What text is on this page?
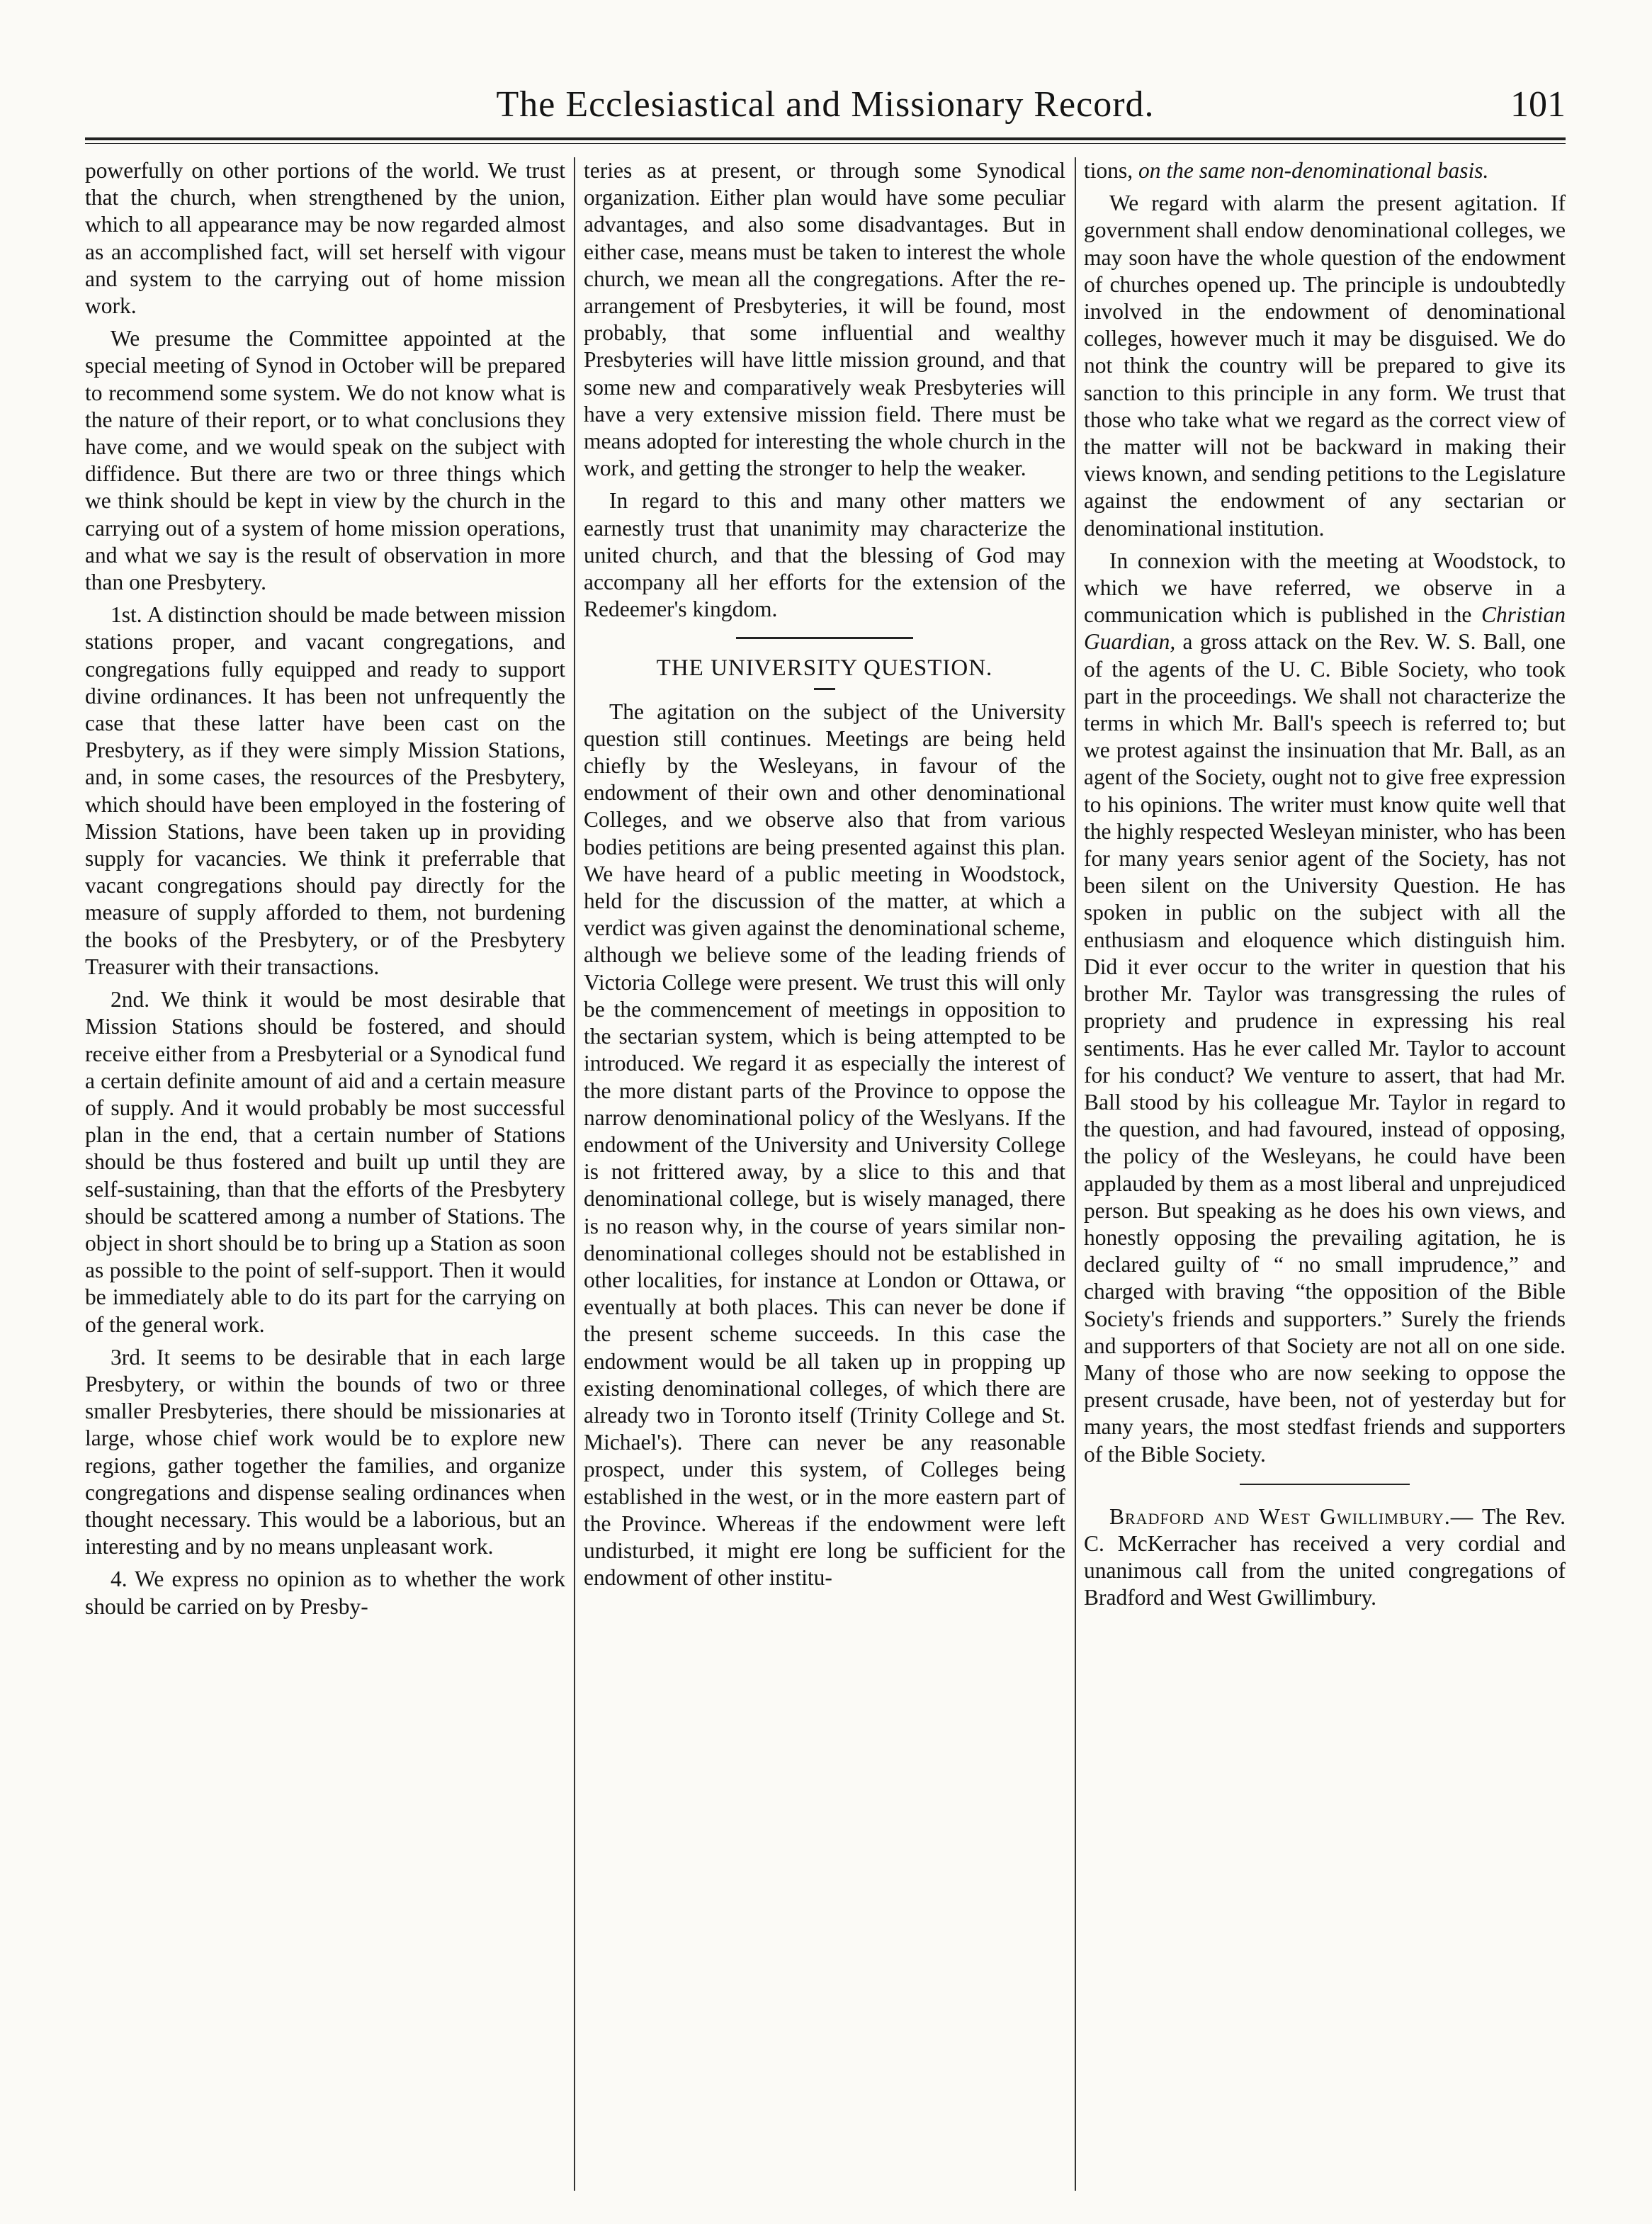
The Ecclesiastical and Missionary Record.	101

powerfully on other portions of the world. We trust that the church, when strengthened by the union, which to all appearance may be now regarded almost as an accomplished fact, will set herself with vigour and system to the carrying out of home mission work.

We presume the Committee appointed at the special meeting of Synod in October will be prepared to recommend some system. We do not know what is the nature of their report, or to what conclusions they have come, and we would speak on the subject with diffidence. But there are two or three things which we think should be kept in view by the church in the carrying out of a system of home mission operations, and what we say is the result of observation in more than one Presbytery.

1st. A distinction should be made between mission stations proper, and vacant congregations, and congregations fully equipped and ready to support divine ordinances. It has been not unfrequently the case that these latter have been cast on the Presbytery, as if they were simply Mission Stations, and, in some cases, the resources of the Presbytery, which should have been employed in the fostering of Mission Stations, have been taken up in providing supply for vacancies. We think it preferrable that vacant congregations should pay directly for the measure of supply afforded to them, not burdening the books of the Presbytery, or of the Presbytery Treasurer with their transactions.

2nd. We think it would be most desirable that Mission Stations should be fostered, and should receive either from a Presbyterial or a Synodical fund a certain definite amount of aid and a certain measure of supply. And it would probably be most successful plan in the end, that a certain number of Stations should be thus fostered and built up until they are self-sustaining, than that the efforts of the Presbytery should be scattered among a number of Stations. The object in short should be to bring up a Station as soon as possible to the point of self-support. Then it would be immediately able to do its part for the carrying on of the general work.

3rd. It seems to be desirable that in each large Presbytery, or within the bounds of two or three smaller Presbyteries, there should be missionaries at large, whose chief work would be to explore new regions, gather together the families, and organize congregations and dispense sealing ordinances when thought necessary. This would be a laborious, but an interesting and by no means unpleasant work.

4. We express no opinion as to whether the work should be carried on by Presby-

teries as at present, or through some Synodical organization. Either plan would have some peculiar advantages, and also some disadvantages. But in either case, means must be taken to interest the whole church, we mean all the congregations. After the re-arrangement of Presbyteries, it will be found, most probably, that some influential and wealthy Presbyteries will have little mission ground, and that some new and comparatively weak Presbyteries will have a very extensive mission field. There must be means adopted for interesting the whole church in the work, and getting the stronger to help the weaker.

In regard to this and many other matters we earnestly trust that unanimity may characterize the united church, and that the blessing of God may accompany all her efforts for the extension of the Redeemer's kingdom.

THE UNIVERSITY QUESTION.

The agitation on the subject of the University question still continues. Meetings are being held chiefly by the Wesleyans, in favour of the endowment of their own and other denominational Colleges, and we observe also that from various bodies petitions are being presented against this plan. We have heard of a public meeting in Woodstock, held for the discussion of the matter, at which a verdict was given against the denominational scheme, although we believe some of the leading friends of Victoria College were present. We trust this will only be the commencement of meetings in opposition to the sectarian system, which is being attempted to be introduced. We regard it as especially the interest of the more distant parts of the Province to oppose the narrow denominational policy of the Weslyans. If the endowment of the University and University College is not frittered away, by a slice to this and that denominational college, but is wisely managed, there is no reason why, in the course of years similar non-denominational colleges should not be established in other localities, for instance at London or Ottawa, or eventually at both places. This can never be done if the present scheme succeeds. In this case the endowment would be all taken up in propping up existing denominational colleges, of which there are already two in Toronto itself (Trinity College and St. Michael's). There can never be any reasonable prospect, under this system, of Colleges being established in the west, or in the more eastern part of the Province. Whereas if the endowment were left undisturbed, it might ere long be sufficient for the endowment of other institu-

tions, on the same non-denominational basis.

We regard with alarm the present agitation. If government shall endow denominational colleges, we may soon have the whole question of the endowment of churches opened up. The principle is undoubtedly involved in the endowment of denominational colleges, however much it may be disguised. We do not think the country will be prepared to give its sanction to this principle in any form. We trust that those who take what we regard as the correct view of the matter will not be backward in making their views known, and sending petitions to the Legislature against the endowment of any sectarian or denominational institution.

In connexion with the meeting at Woodstock, to which we have referred, we observe in a communication which is published in the Christian Guardian, a gross attack on the Rev. W. S. Ball, one of the agents of the U. C. Bible Society, who took part in the proceedings. We shall not characterize the terms in which Mr. Ball's speech is referred to; but we protest against the insinuation that Mr. Ball, as an agent of the Society, ought not to give free expression to his opinions. The writer must know quite well that the highly respected Wesleyan minister, who has been for many years senior agent of the Society, has not been silent on the University Question. He has spoken in public on the subject with all the enthusiasm and eloquence which distinguish him. Did it ever occur to the writer in question that his brother Mr. Taylor was transgressing the rules of propriety and prudence in expressing his real sentiments. Has he ever called Mr. Taylor to account for his conduct? We venture to assert, that had Mr. Ball stood by his colleague Mr. Taylor in regard to the question, and had favoured, instead of opposing, the policy of the Wesleyans, he could have been applauded by them as a most liberal and unprejudiced person. But speaking as he does his own views, and honestly opposing the prevailing agitation, he is declared guilty of “ no small imprudence,” and charged with braving “the opposition of the Bible Society's friends and supporters.” Surely the friends and supporters of that Society are not all on one side. Many of those who are now seeking to oppose the present crusade, have been, not of yesterday but for many years, the most stedfast friends and supporters of the Bible Society.

Bradford and West Gwillimbury.— The Rev. C. McKerracher has received a very cordial and unanimous call from the united congregations of Bradford and West Gwillimbury.
